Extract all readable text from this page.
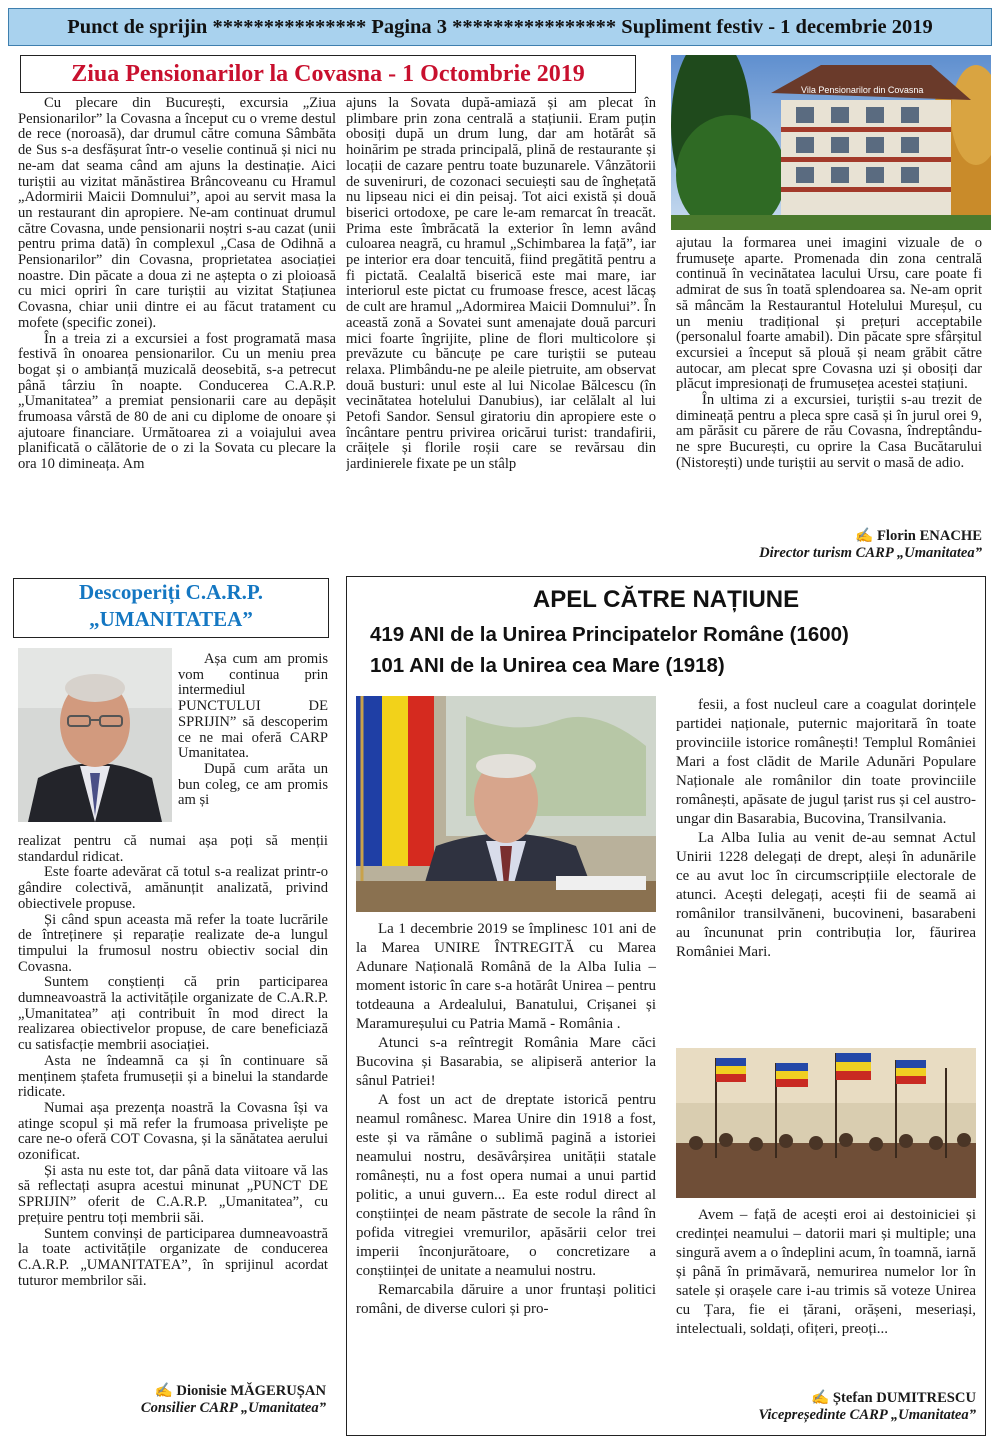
Punct de sprijin *************** Pagina 3 **************** Supliment festiv - 1 decembrie 2019
Ziua Pensionarilor la Covasna - 1 Octombrie 2019

Cu plecare din București, excursia „Ziua Pensionarilor” la Covasna a început cu o vreme destul de rece (noroasă), dar drumul către comuna Sâmbăta de Sus s-a desfășurat într-o veselie continuă și nici nu ne-am dat seama când am ajuns la destinație. Aici turiștii au vizitat mănăstirea Brâncoveanu cu Hramul „Adormirii Maicii Domnului”, apoi au servit masa la un restaurant din apropiere. Ne-am continuat drumul către Covasna, unde pensionarii noștri s-au cazat (unii pentru prima dată) în complexul „Casa de Odihnă a Pensionarilor” din Covasna, proprietatea asociației noastre. Din păcate a doua zi ne aștepta o zi ploioasă cu mici opriri în care turiștii au vizitat Stațiunea Covasna, chiar unii dintre ei au făcut tratament cu mofete (specific zonei).

În a treia zi a excursiei a fost programată masa festivă în onoarea pensionarilor. Cu un meniu prea bogat și o ambianță muzicală deosebită, s-a petrecut până târziu în noapte. Conducerea C.A.R.P. „Umanitatea” a premiat pensionarii care au depășit frumoasa vârstă de 80 de ani cu diplome de onoare și ajutoare financiare. Următoarea zi a voiajului avea planificată o călătorie de o zi la Sovata cu plecare la ora 10 dimineața. Am

ajuns la Sovata după-amiază și am plecat în plimbare prin zona centrală a stațiunii. Eram puțin obosiți după un drum lung, dar am hotărât să hoinărim pe strada principală, plină de restaurante și locații de cazare pentru toate buzunarele. Vânzătorii de suveniruri, de cozonaci secuiești sau de înghețată nu lipseau nici ei din peisaj. Tot aici există și două biserici ortodoxe, pe care le-am remarcat în treacăt. Prima este îmbrăcată la exterior în lemn având culoarea neagră, cu hramul „Schimbarea la față”, iar pe interior era doar tencuită, fiind pregătită pentru a fi pictată. Cealaltă biserică este mai mare, iar interiorul este pictat cu frumoase fresce, acest lăcaș de cult are hramul „Adormirea Maicii Domnului”. În această zonă a Sovatei sunt amenajate două parcuri mici foarte îngrijite, pline de flori multicolore și prevăzute cu băncuțe pe care turiștii se puteau relaxa. Plimbându-ne pe aleile pietruite, am observat două busturi: unul este al lui Nicolae Bălcescu (în vecinătatea hotelului Danubius), iar celălalt al lui Petofi Sandor. Sensul giratoriu din apropiere este o încântare pentru privirea oricărui turist: trandafirii, crăițele și florile roșii care se revărsau din jardinierele fixate pe un stâlp

Vila Pensionarilor din Covasna

ajutau la formarea unei imagini vizuale de o frumusețe aparte. Promenada din zona centrală continuă în vecinătatea lacului Ursu, care poate fi admirat de sus în toată splendoarea sa. Ne-am oprit să mâncăm la Restaurantul Hotelului Mureșul, cu un meniu tradițional și prețuri acceptabile (personalul foarte amabil). Din păcate spre sfârșitul excursiei a început să plouă și neam grăbit către autocar, am plecat spre Covasna uzi și obosiți dar plăcut impresionați de frumusețea acestei stațiuni.

În ultima zi a excursiei, turiștii s-au trezit de dimineață pentru a pleca spre casă și în jurul orei 9, am părăsit cu părere de rău Covasna, îndreptându-ne spre București, cu oprire la Casa Bucătarului (Nistorești) unde turiștii au servit o masă de adio.

✍ Florin ENACHE
Director turism CARP „Umanitatea”
Descoperiți C.A.R.P.
„UMANITATEA”

Așa cum am promis vom continua prin intermediul PUNCTULUI DE SPRIJIN” să descoperim ce ne mai oferă CARP Umanitatea.

După cum arăta un bun coleg, ce am promis am și

realizat pentru că numai așa poți să menții standardul ridicat.

Este foarte adevărat că totul s-a realizat printr-o gândire colectivă, amănunțit analizată, privind obiectivele propuse.

Și când spun aceasta mă refer la toate lucrările de întreținere și reparație realizate de-a lungul timpului la frumosul nostru obiectiv social din Covasna.

Suntem conștienți că prin participarea dumneavoastră la activitățile organizate de C.A.R.P. „Umanitatea” ați contribuit în mod direct la realizarea obiectivelor propuse, de care beneficiază cu satisfacție membrii asociației.

Asta ne îndeamnă ca și în continuare să menținem ștafeta frumuseții și a binelui la standarde ridicate.

Numai așa prezența noastră la Covasna își va atinge scopul și mă refer la frumoasa priveliște pe care ne-o oferă COT Covasna, și la sănătatea aerului ozonificat.

Și asta nu este tot, dar până data viitoare vă las să reflectați asupra acestui minunat „PUNCT DE SPRIJIN” oferit de C.A.R.P. „Umanitatea”, cu prețuire pentru toți membrii săi.

Suntem convinși de participarea dumneavoastră la toate activitățile organizate de conducerea C.A.R.P. „UMANITATEA”, în sprijinul acordat tuturor membrilor săi.

✍ Dionisie MĂGERUȘAN
Consilier CARP „Umanitatea”
APEL CĂTRE NAȚIUNE
419 ANI de la Unirea Principatelor Române (1600)
101 ANI de la Unirea cea Mare (1918)

La 1 decembrie 2019 se împlinesc 101 ani de la Marea UNIRE ÎNTREGITĂ cu Marea Adunare Națională Română de la Alba Iulia – moment istoric în care s-a hotărât Unirea – pentru totdeauna a Ardealului, Banatului, Crișanei și Maramureșului cu Patria Mamă - România .

Atunci s-a reîntregit România Mare căci Bucovina și Basarabia, se alipiseră anterior la sânul Patriei!

A fost un act de dreptate istorică pentru neamul românesc. Marea Unire din 1918 a fost, este și va rămâne o sublimă pagină a istoriei neamului nostru, desăvârșirea unității statale românești, nu a fost opera numai a unui partid politic, a unui guvern... Ea este rodul direct al conștiinței de neam păstrate de secole la rând în pofida vitregiei vremurilor, apăsării celor trei imperii înconjurătoare, o concretizare a conștiinței de unitate a neamului nostru.

Remarcabila dăruire a unor fruntași politici români, de diverse culori și pro-

fesii, a fost nucleul care a coagulat dorințele partidei naționale, puternic majoritară în toate provinciile istorice românești! Templul României Mari a fost clădit de Marile Adunări Populare Naționale ale românilor din toate provinciile românești, apăsate de jugul țarist rus și cel austro-ungar din Basarabia, Bucovina, Transilvania.

La Alba Iulia au venit de-au semnat Actul Unirii 1228 delegați de drept, aleși în adunările ce au avut loc în circumscripțiile electorale de atunci. Acești delegați, acești fii de seamă ai românilor transilvăneni, bucovineni, basarabeni au încununat prin contribuția lor, făurirea României Mari.

Avem – față de acești eroi ai destoiniciei și credinței neamului – datorii mari și multiple; una singură avem a o îndeplini acum, în toamnă, iarnă și până în primăvară, nemurirea numelor lor în satele și orașele care i-au trimis să voteze Unirea cu Țara, fie ei țărani, orășeni, meseriași, intelectuali, soldați, ofițeri, preoți...

✍ Ștefan DUMITRESCU
Vicepreședinte CARP „Umanitatea”
